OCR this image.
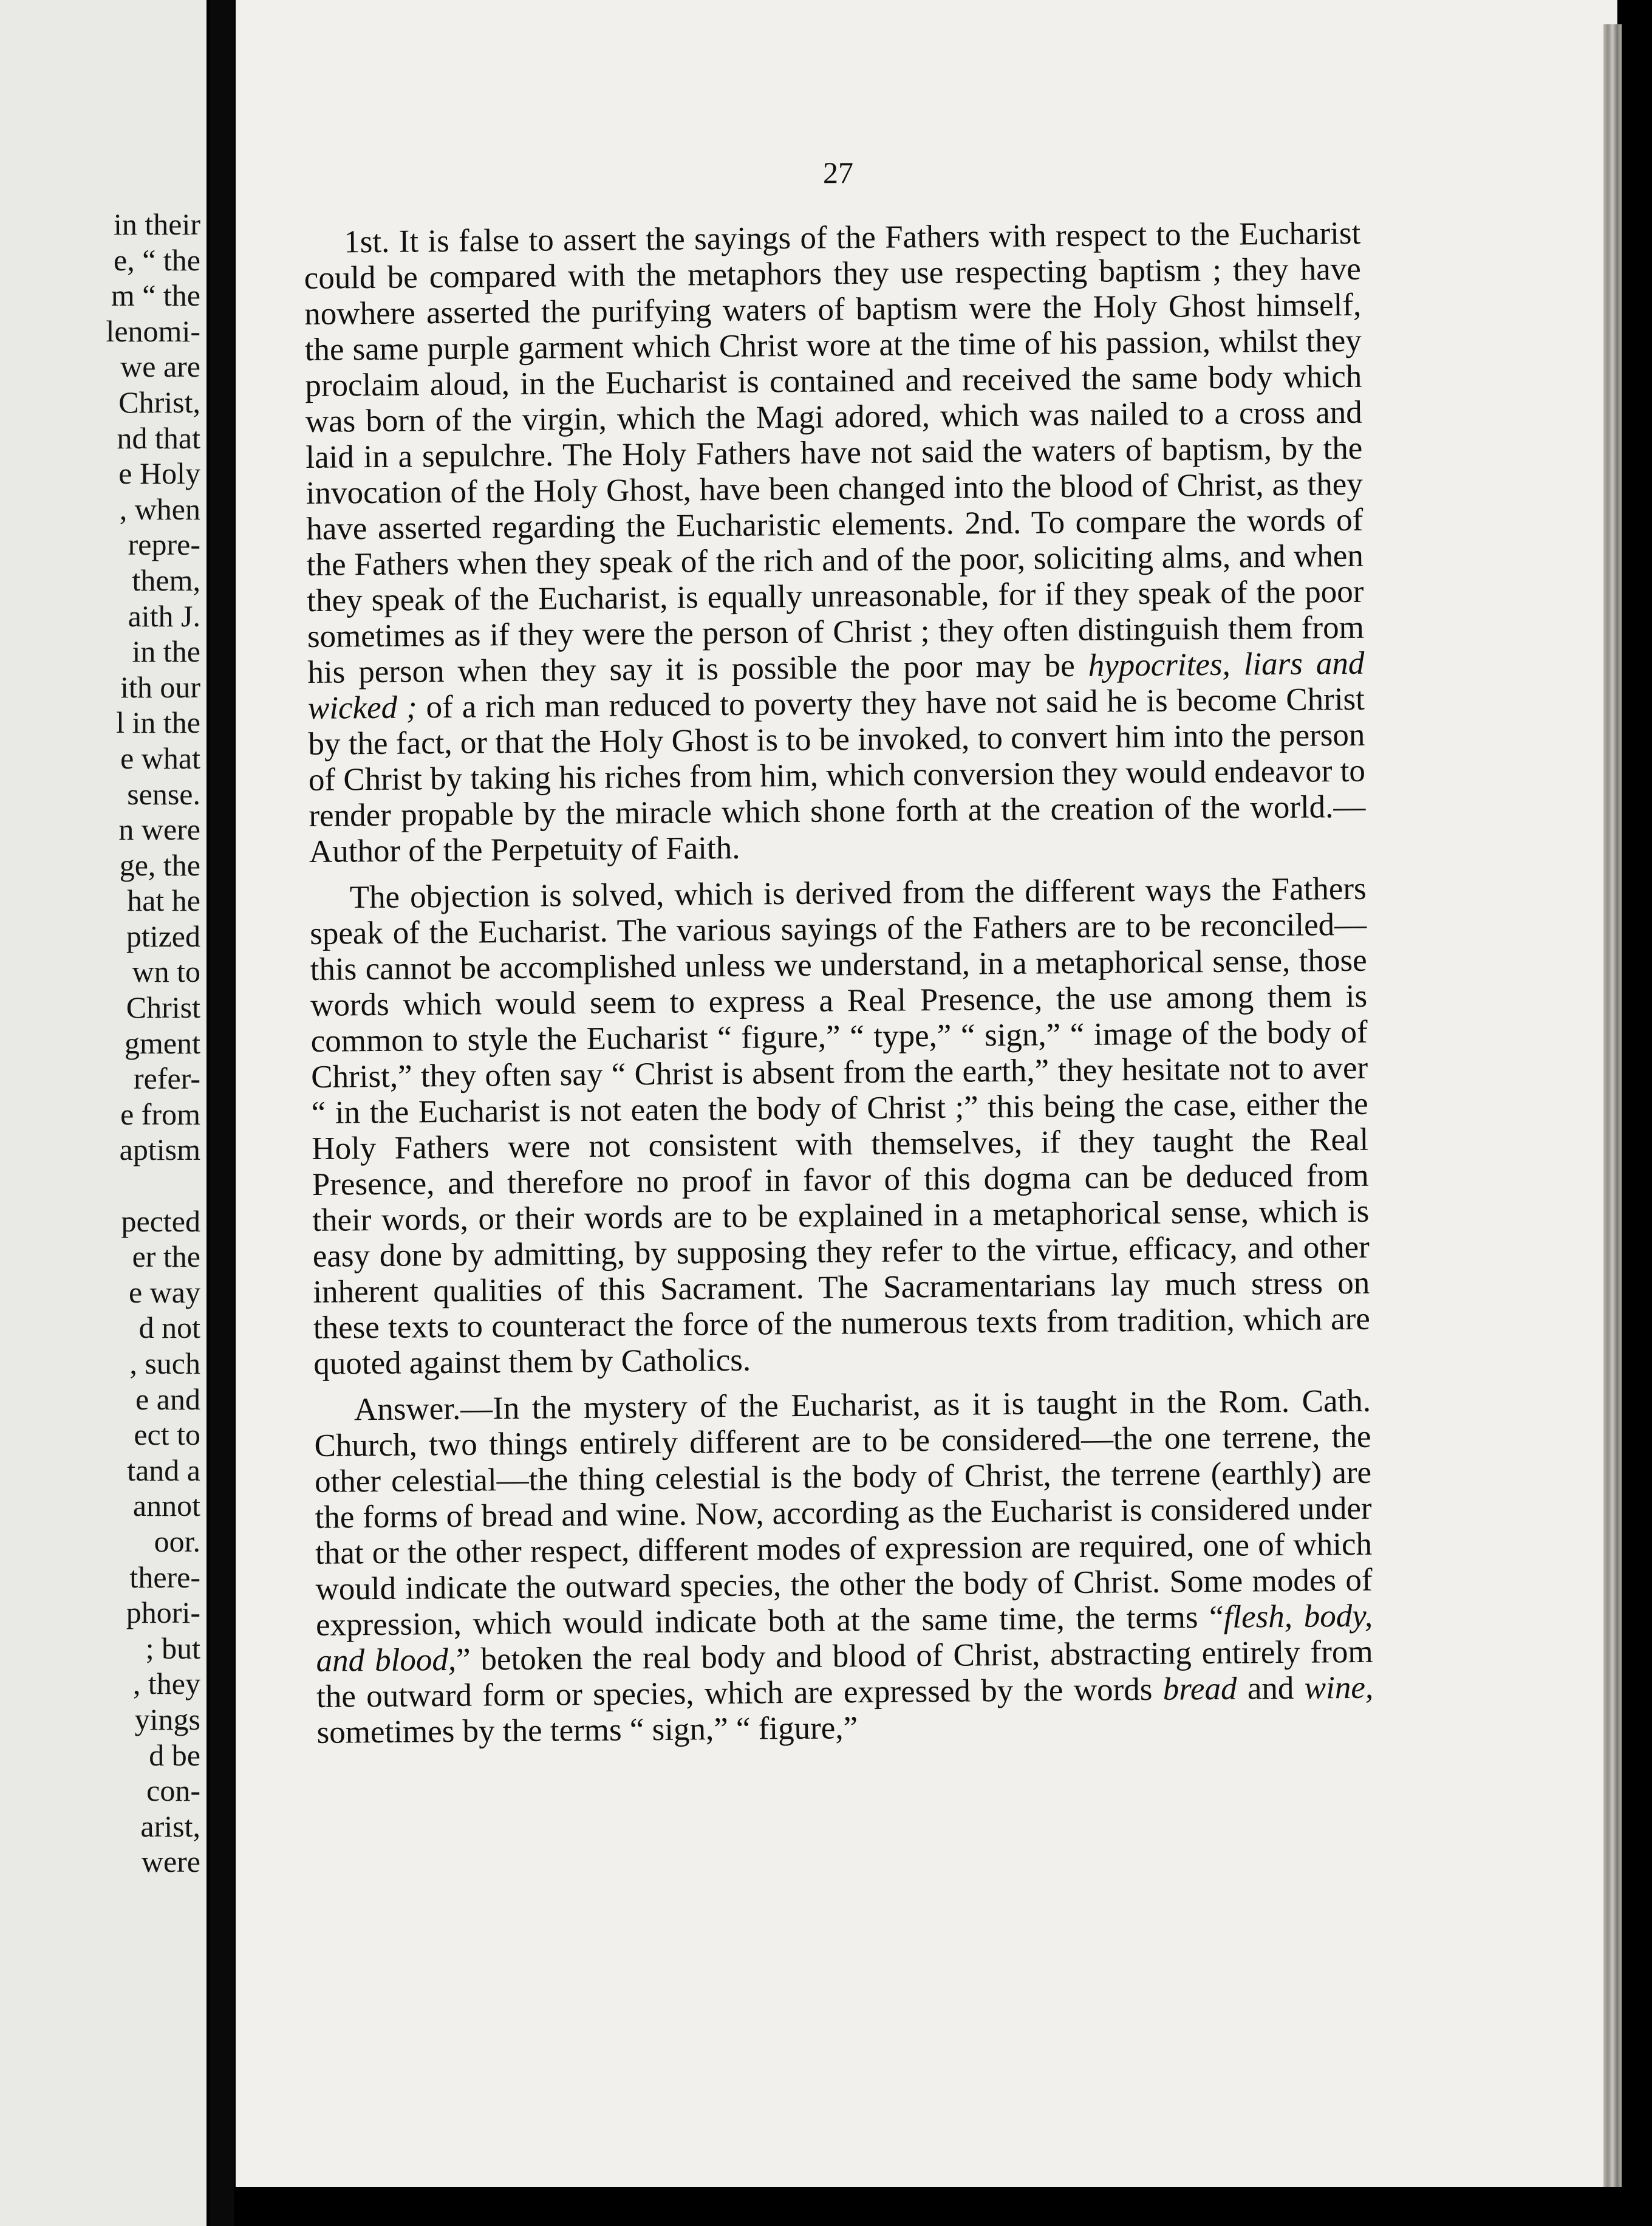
in their
e, “ the
m “ the
lenomi-
we are
Christ,
nd that
e Holy
, when
repre-
them,
aith J.
in the
ith our
l in the
e what
sense.
n were
ge, the
hat he
ptized
wn to
Christ
gment
refer-
e from
aptism
pected
er the
e way
d not
, such
e and
ect to
tand a
annot
oor.
there-
phori-
; but
, they
yings
d be
con-
arist,
were
27

1st. It is false to assert the sayings of the Fathers with respect to the Eucharist could be compared with the metaphors they use respecting baptism ; they have nowhere asserted the purifying waters of baptism were the Holy Ghost himself, the same purple garment which Christ wore at the time of his passion, whilst they proclaim aloud, in the Eucharist is contained and received the same body which was born of the virgin, which the Magi adored, which was nailed to a cross and laid in a sepulchre. The Holy Fathers have not said the waters of baptism, by the invocation of the Holy Ghost, have been changed into the blood of Christ, as they have asserted regarding the Eucharistic elements. 2nd. To compare the words of the Fathers when they speak of the rich and of the poor, soliciting alms, and when they speak of the Eucharist, is equally unreasonable, for if they speak of the poor sometimes as if they were the person of Christ ; they often distinguish them from his person when they say it is possible the poor may be hypocrites, liars and wicked ; of a rich man reduced to poverty they have not said he is become Christ by the fact, or that the Holy Ghost is to be invoked, to convert him into the person of Christ by taking his riches from him, which conversion they would endeavor to render propable by the miracle which shone forth at the creation of the world.—Author of the Perpetuity of Faith.

The objection is solved, which is derived from the different ways the Fathers speak of the Eucharist. The various sayings of the Fathers are to be reconciled—this cannot be accomplished unless we understand, in a metaphorical sense, those words which would seem to express a Real Presence, the use among them is common to style the Eucharist “ figure,” “ type,” “ sign,” “ image of the body of Christ,” they often say “ Christ is absent from the earth,” they hesitate not to aver “ in the Eucharist is not eaten the body of Christ ;” this being the case, either the Holy Fathers were not consistent with themselves, if they taught the Real Presence, and therefore no proof in favor of this dogma can be deduced from their words, or their words are to be explained in a metaphorical sense, which is easy done by admitting, by supposing they refer to the virtue, efficacy, and other inherent qualities of this Sacrament. The Sacramentarians lay much stress on these texts to counteract the force of the numerous texts from tradition, which are quoted against them by Catholics.

Answer.—In the mystery of the Eucharist, as it is taught in the Rom. Cath. Church, two things entirely different are to be considered—the one terrene, the other celestial—the thing celestial is the body of Christ, the terrene (earthly) are the forms of bread and wine. Now, according as the Eucharist is considered under that or the other respect, different modes of expression are required, one of which would indicate the outward species, the other the body of Christ. Some modes of expression, which would indicate both at the same time, the terms “flesh, body, and blood,” betoken the real body and blood of Christ, abstracting entirely from the outward form or species, which are expressed by the words bread and wine, sometimes by the terms “ sign,” “ figure,”
